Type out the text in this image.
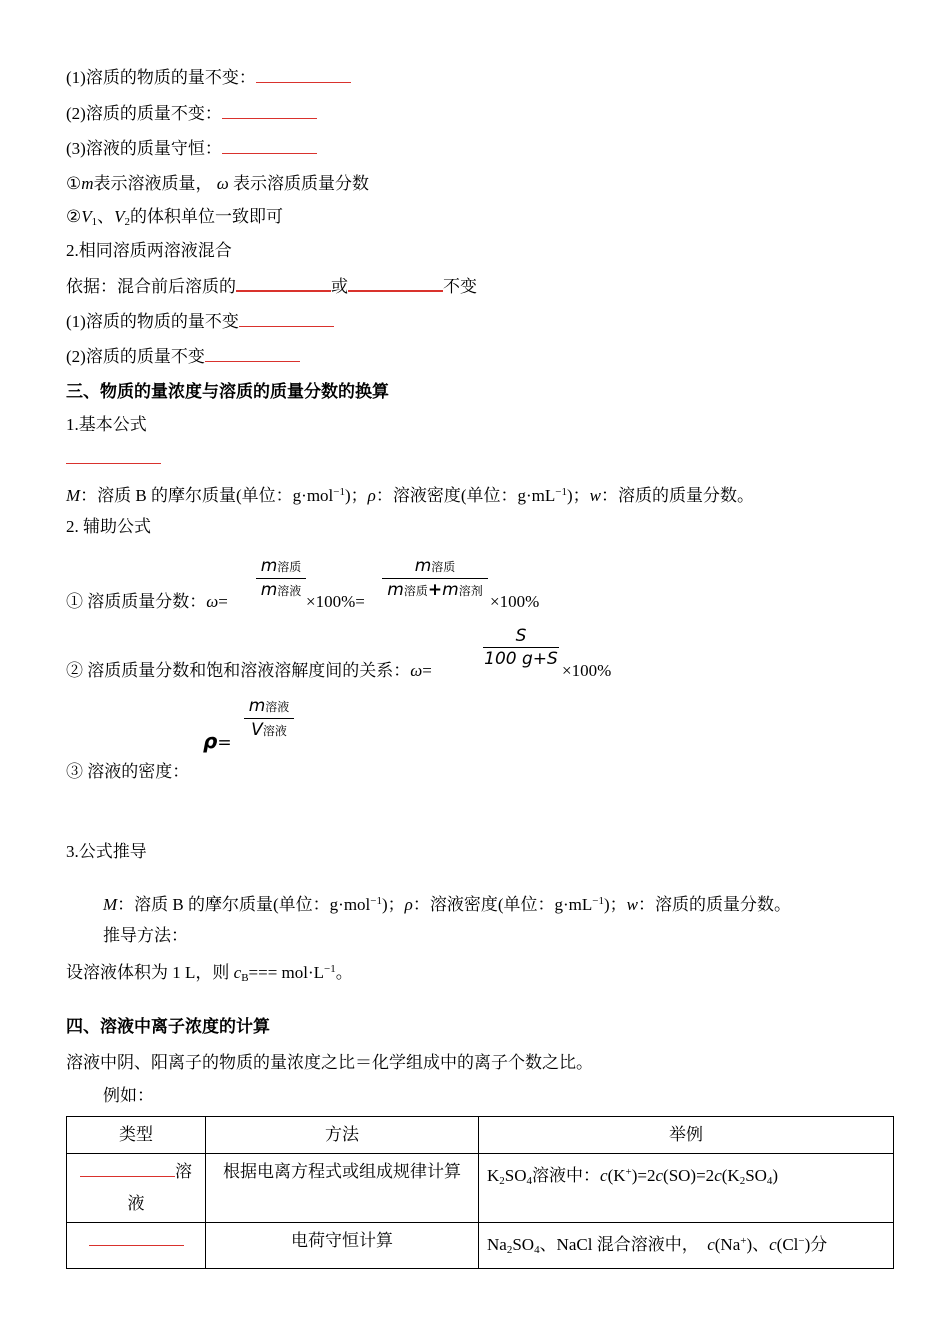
(1)溶质的物质的量不变：
(2)溶质的质量不变：
(3)溶液的质量守恒：
①m表示溶液质量， ω 表示溶质质量分数
$②V_1$、$V_2$的体积单位一致即可
2.相同溶质两溶液混合
依据：混合前后溶质的	或	不变
(1)溶质的物质的量不变
(2)溶质的质量不变
三、物质的量浓度与溶质的质量分数的换算
1.基本公式
M：溶质 B 的摩尔质量(单位：g·mol$^{-1}$)；ρ：溶液密度(单位：$g\cdot mL^{-1}$)；w：溶质的质量分数。
2. 辅助公式
① 溶质质量分数：ω=
m溶质
m溶液
×100%=
m溶质
m溶质+m溶剂
×100%
② 溶质质量分数和饱和溶液溶解度间的关系：ω=
S
100 g+S
×100%
ρ=
m溶液
V溶液
③ 溶液的密度：
3.公式推导
M：溶质 B 的摩尔质量(单位：g·mol$^{-1}$)；ρ：溶液密度(单位：$g\cdot mL^{-1}$)；w：溶质的质量分数。
推导方法：
设溶液体积为 1 L，则 $c_B=== mol\cdot L^{-1}$。
四、溶液中离子浓度的计算
溶液中阴、阳离子的物质的量浓度之比＝化学组成中的离子个数之比。
例如：
类型	方法	举例
溶
液	根据电离方程式或组成规律计算	$K_2SO_4$溶液中：$c(K^+)=2c(SO)=2c(K_2SO_4)$
	电荷守恒计算	$Na_2SO_4$、NaCl 混合溶液中，  c(Na+)、c(Cl−)分
